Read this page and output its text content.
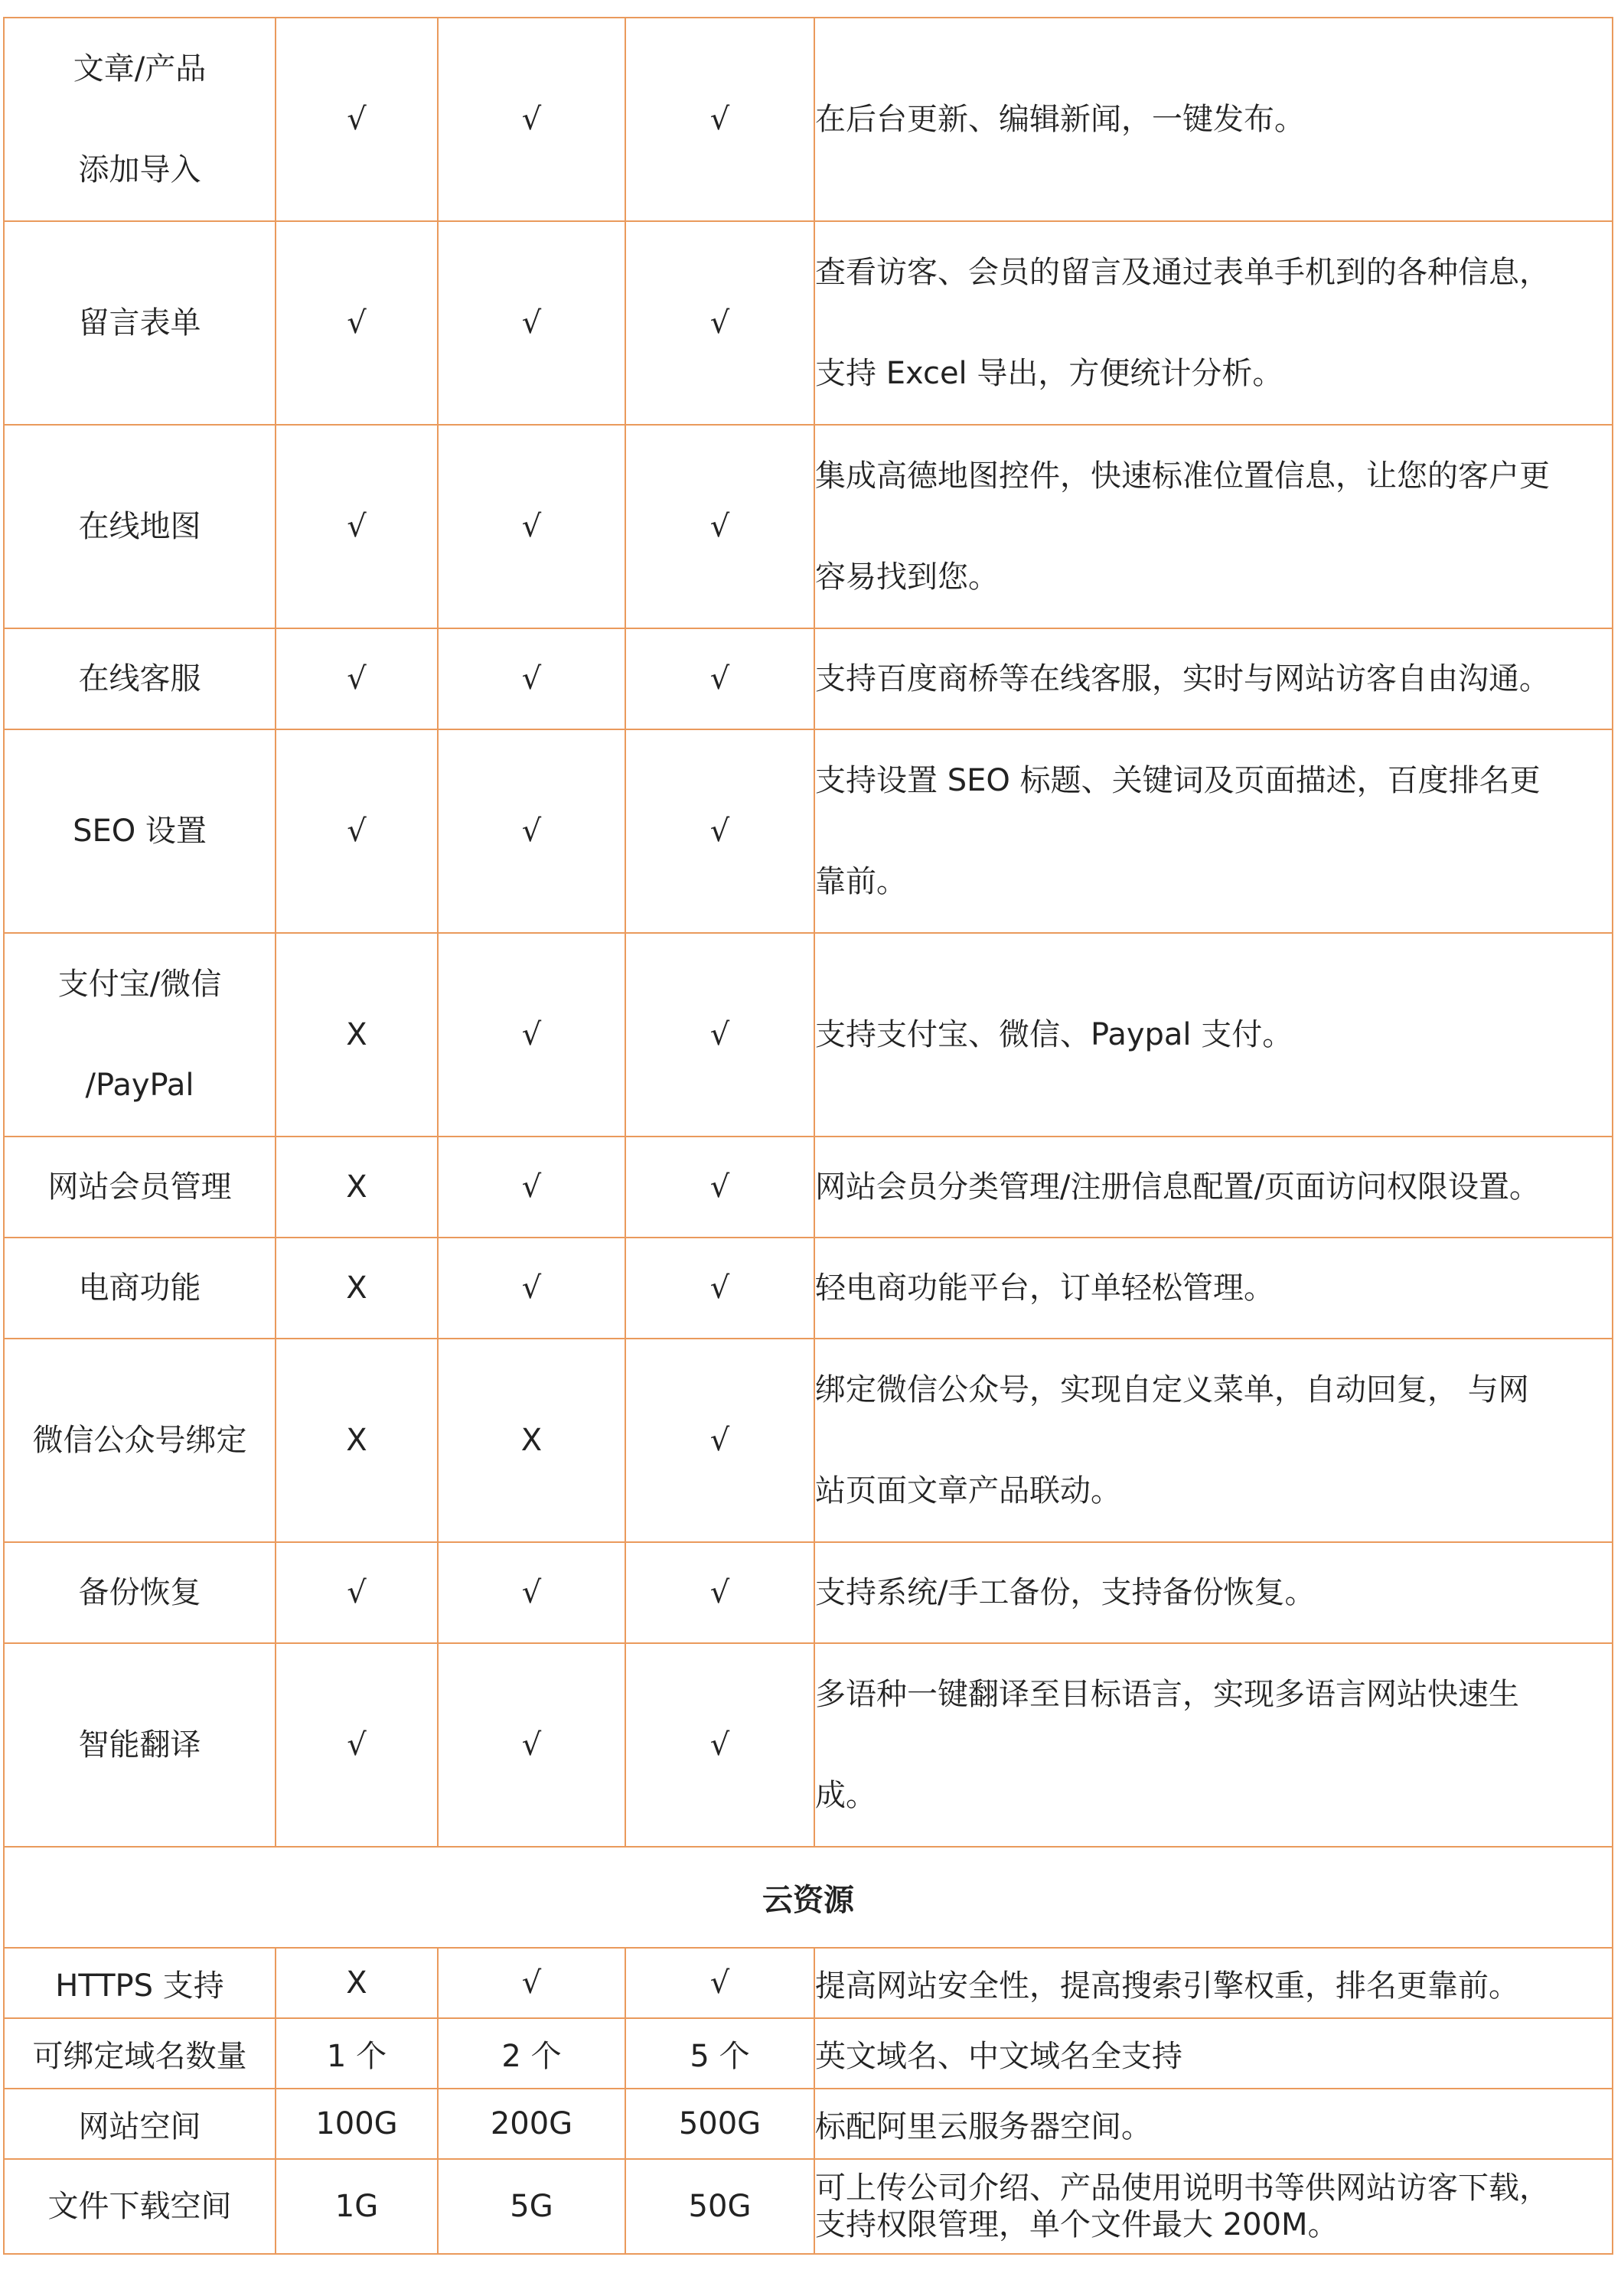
文章/产品
添加导入	√	√	√	在后台更新、编辑新闻，一键发布。

留言表单	√	√	√	查看访客、会员的留言及通过表单手机到的各种信息，
支持 Excel 导出，方便统计分析。

在线地图	√	√	√	集成高德地图控件，快速标准位置信息，让您的客户更
容易找到您。

在线客服	√	√	√	支持百度商桥等在线客服，实时与网站访客自由沟通。

SEO 设置	√	√	√	支持设置 SEO 标题、关键词及页面描述，百度排名更
靠前。

支付宝/微信
/PayPal	X	√	√	支持支付宝、微信、Paypal 支付。

网站会员管理	X	√	√	网站会员分类管理/注册信息配置/页面访问权限设置。

电商功能	X	√	√	轻电商功能平台，订单轻松管理。

微信公众号绑定	X	X	√	绑定微信公众号，实现自定义菜单，自动回复， 与网
站页面文章产品联动。

备份恢复	√	√	√	支持系统/手工备份，支持备份恢复。

智能翻译	√	√	√	多语种一键翻译至目标语言，实现多语言网站快速生
成。

云资源				
HTTPS 支持	X	√	√	提高网站安全性，提高搜索引擎权重，排名更靠前。

可绑定域名数量	1 个	2 个	5 个	英文域名、中文域名全支持

网站空间	100G	200G	500G	标配阿里云服务器空间。

文件下载空间	1G	5G	50G	可上传公司介绍、产品使用说明书等供网站访客下载，
支持权限管理，单个文件最大 200M。
